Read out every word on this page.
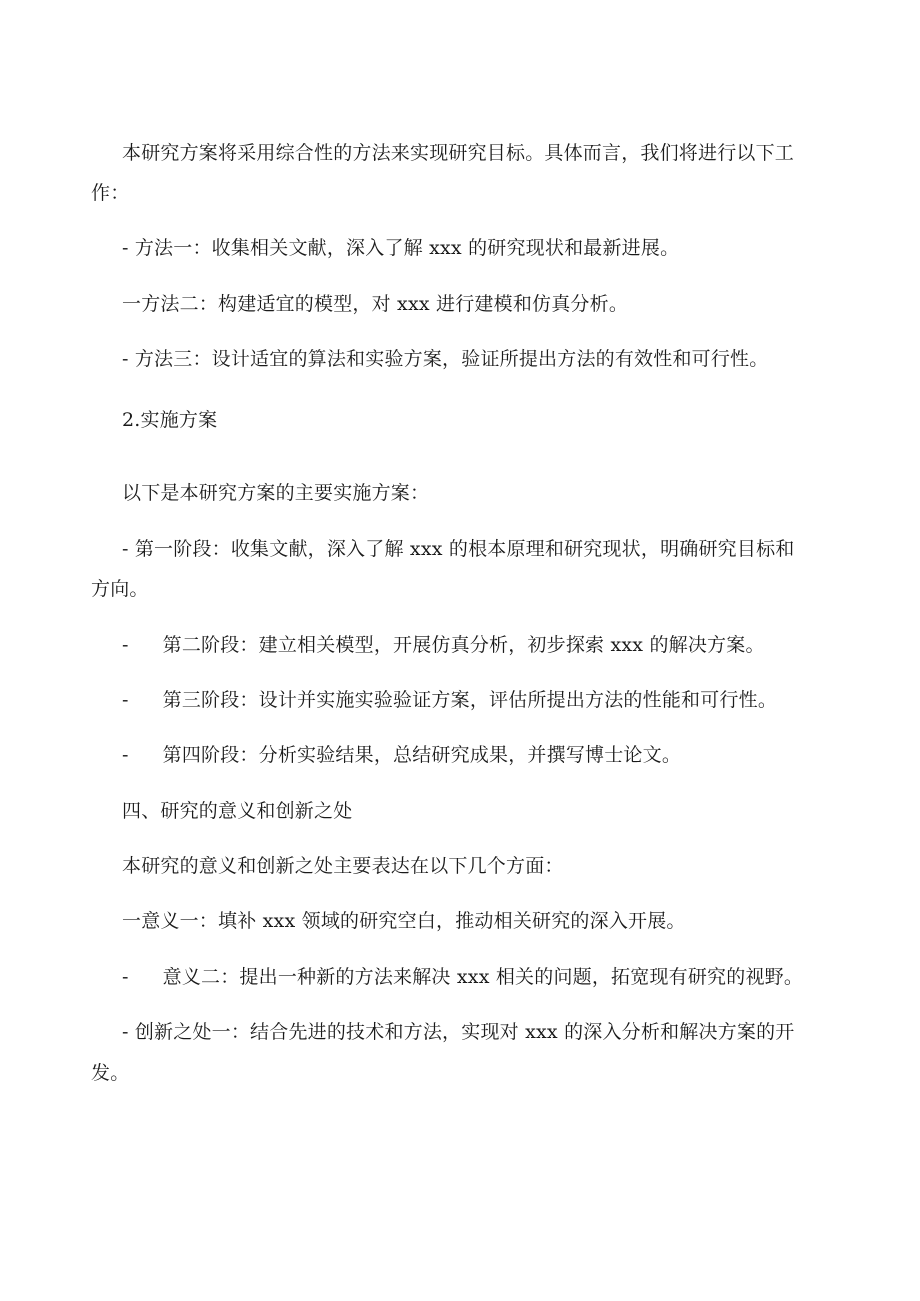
本研究方案将采用综合性的方法来实现研究目标。具体而言，我们将进行以下工
作：
- 方法一：收集相关文献，深入了解 xxx 的研究现状和最新进展。
一方法二：构建适宜的模型，对 xxx 进行建模和仿真分析。
- 方法三：设计适宜的算法和实验方案，验证所提出方法的有效性和可行性。
2.实施方案
以下是本研究方案的主要实施方案：
- 第一阶段：收集文献，深入了解 xxx 的根本原理和研究现状，明确研究目标和
方向。
- 第二阶段：建立相关模型，开展仿真分析，初步探索 xxx 的解决方案。
- 第三阶段：设计并实施实验验证方案，评估所提出方法的性能和可行性。
- 第四阶段：分析实验结果，总结研究成果，并撰写博士论文。
四、研究的意义和创新之处
本研究的意义和创新之处主要表达在以下几个方面：
一意义一：填补 xxx 领域的研究空白，推动相关研究的深入开展。
- 意义二：提出一种新的方法来解决 xxx 相关的问题，拓宽现有研究的视野。
- 创新之处一：结合先进的技术和方法，实现对 xxx 的深入分析和解决方案的开
发。
